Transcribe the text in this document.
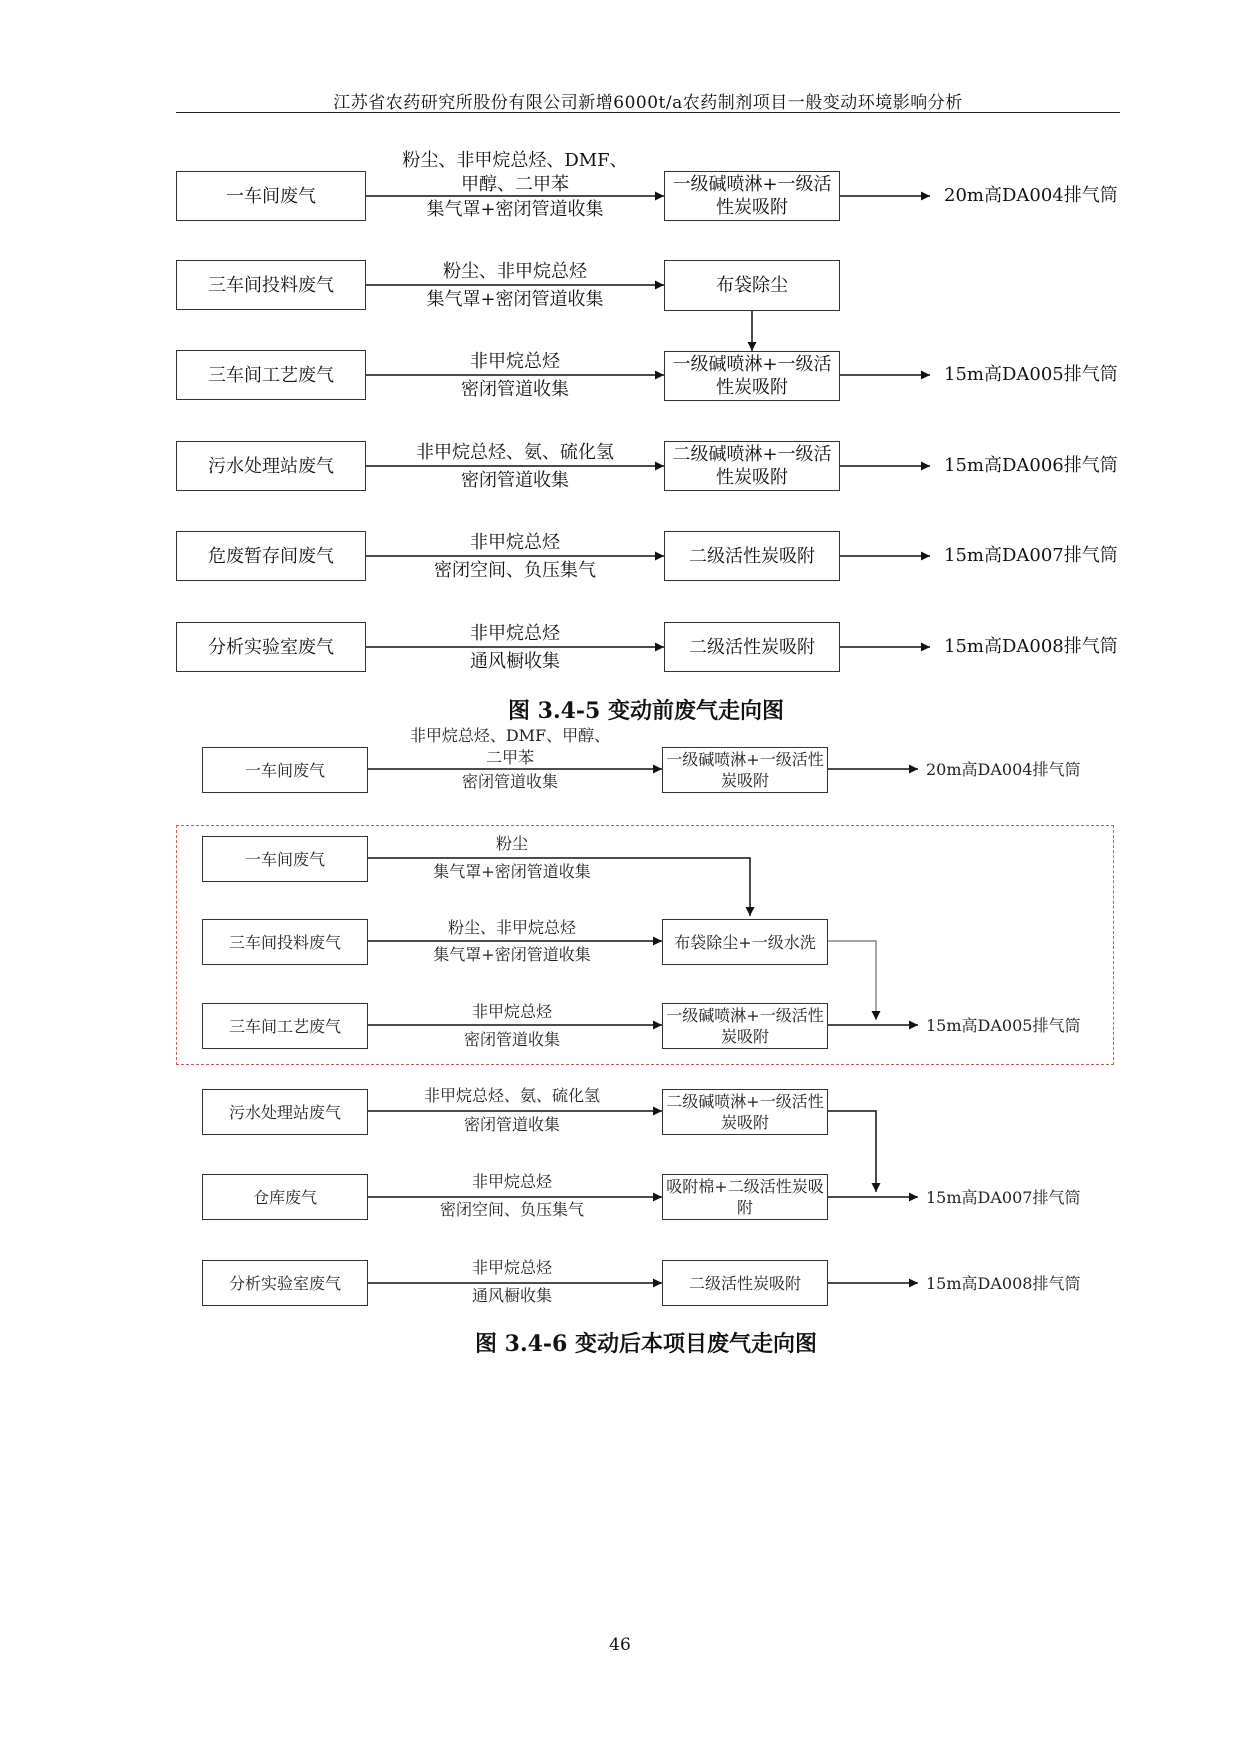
江苏省农药研究所股份有限公司新增6000t/a农药制剂项目一般变动环境影响分析
一车间废气
粉尘、非甲烷总烃、DMF、
甲醇、二甲苯
集气罩+密闭管道收集
一级碱喷淋+一级活性炭吸附
20m高DA004排气筒
三车间投料废气
粉尘、非甲烷总烃
集气罩+密闭管道收集
布袋除尘
三车间工艺废气
非甲烷总烃
密闭管道收集
一级碱喷淋+一级活性炭吸附
15m高DA005排气筒
污水处理站废气
非甲烷总烃、氨、硫化氢
密闭管道收集
二级碱喷淋+一级活性炭吸附
15m高DA006排气筒
危废暂存间废气
非甲烷总烃
密闭空间、负压集气
二级活性炭吸附	15m高DA007排气筒
分析实验室废气
非甲烷总烃
通风橱收集
二级活性炭吸附	15m高DA008排气筒
图 3.4-5 变动前废气走向图
一车间废气
非甲烷总烃、DMF、甲醇、
二甲苯
密闭管道收集
一级碱喷淋+一级活性炭吸附
20m高DA004排气筒
一车间废气
粉尘
集气罩+密闭管道收集
三车间投料废气
粉尘、非甲烷总烃
集气罩+密闭管道收集
布袋除尘+一级水洗
三车间工艺废气
非甲烷总烃
密闭管道收集
一级碱喷淋+一级活性炭吸附
15m高DA005排气筒
污水处理站废气
非甲烷总烃、氨、硫化氢
密闭管道收集
二级碱喷淋+一级活性炭吸附
仓库废气
非甲烷总烃
密闭空间、负压集气
吸附棉+二级活性炭吸附
15m高DA007排气筒
分析实验室废气
非甲烷总烃
通风橱收集
二级活性炭吸附	15m高DA008排气筒
图 3.4-6 变动后本项目废气走向图
46
